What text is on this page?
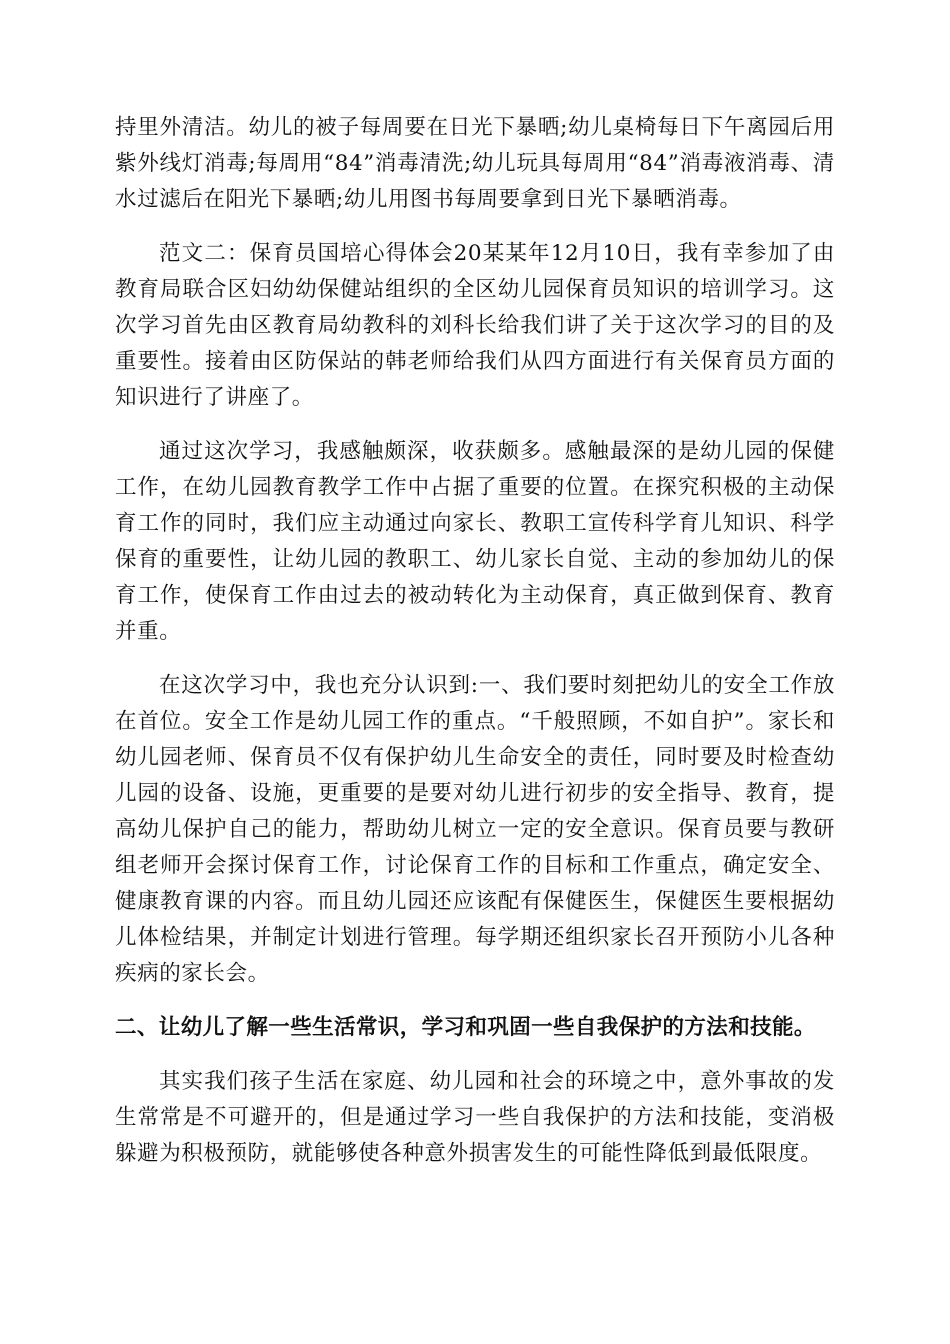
持里外清洁。幼儿的被子每周要在日光下暴晒;幼儿桌椅每日下午离园后用紫外线灯消毒;每周用“84”消毒清洗;幼儿玩具每周用“84”消毒液消毒、清水过滤后在阳光下暴晒;幼儿用图书每周要拿到日光下暴晒消毒。

范文二：保育员国培心得体会20某某年12月10日，我有幸参加了由教育局联合区妇幼幼保健站组织的全区幼儿园保育员知识的培训学习。这次学习首先由区教育局幼教科的刘科长给我们讲了关于这次学习的目的及重要性。接着由区防保站的韩老师给我们从四方面进行有关保育员方面的知识进行了讲座了。

通过这次学习，我感触颇深，收获颇多。感触最深的是幼儿园的保健工作，在幼儿园教育教学工作中占据了重要的位置。在探究积极的主动保育工作的同时，我们应主动通过向家长、教职工宣传科学育儿知识、科学保育的重要性，让幼儿园的教职工、幼儿家长自觉、主动的参加幼儿的保育工作，使保育工作由过去的被动转化为主动保育，真正做到保育、教育并重。

在这次学习中，我也充分认识到:一、我们要时刻把幼儿的安全工作放在首位。安全工作是幼儿园工作的重点。“千般照顾，不如自护”。家长和幼儿园老师、保育员不仅有保护幼儿生命安全的责任，同时要及时检查幼儿园的设备、设施，更重要的是要对幼儿进行初步的安全指导、教育，提高幼儿保护自己的能力，帮助幼儿树立一定的安全意识。保育员要与教研组老师开会探讨保育工作，讨论保育工作的目标和工作重点，确定安全、健康教育课的内容。而且幼儿园还应该配有保健医生，保健医生要根据幼儿体检结果，并制定计划进行管理。每学期还组织家长召开预防小儿各种疾病的家长会。

二、让幼儿了解一些生活常识，学习和巩固一些自我保护的方法和技能。

其实我们孩子生活在家庭、幼儿园和社会的环境之中，意外事故的发生常常是不可避开的，但是通过学习一些自我保护的方法和技能，变消极躲避为积极预防，就能够使各种意外损害发生的可能性降低到最低限度。
